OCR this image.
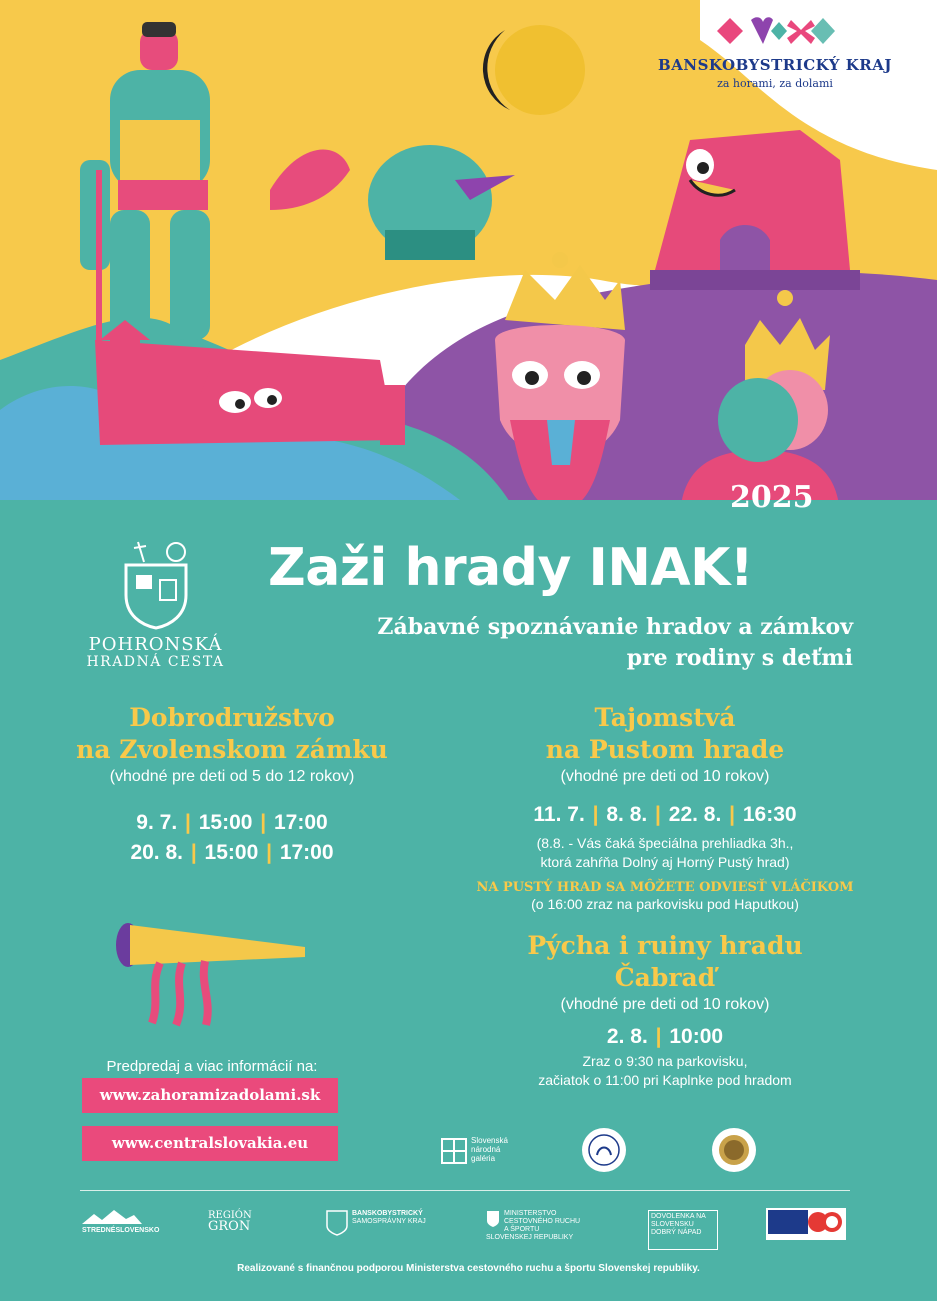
BANSKOBYSTRICKÝ KRAJ
za horami, za dolami
2025
POHRONSKÁ
HRADNÁ CESTA
Zaži hrady INAK!
Zábavné spoznávanie hradov a zámkov
pre rodiny s deťmi
Dobrodružstvo
na Zvolenskom zámku
(vhodné pre deti od 5 do 12 rokov)
9. 7. | 15:00 | 17:00
20. 8. | 15:00 | 17:00
Tajomstvá
na Pustom hrade
(vhodné pre deti od 10 rokov)
11. 7. | 8. 8. | 22. 8. | 16:30
(8.8. - Vás čaká špeciálna prehliadka 3h.,
ktorá zahŕňa Dolný aj Horný Pustý hrad)
NA PUSTÝ HRAD SA MÔŽETE ODVIESŤ VLÁČIKOM
(o 16:00 zraz na parkovisku pod Haputkou)
Pýcha i ruiny hradu
Čabraď
(vhodné pre deti od 10 rokov)
2. 8. | 10:00
Zraz o 9:30 na parkovisku,
začiatok o 11:00 pri Kaplnke pod hradom
Predpredaj a viac informácií na:
www.zahoramizadolami.sk
www.centralslovakia.eu	Slovenská
národná
galéria
STREDNÉSLOVENSKO
REGIÓN
GRON
BANSKOBYSTRICKÝ
SAMOSPRÁVNY KRAJ
MINISTERSTVO
CESTOVNÉHO RUCHU
A ŠPORTU
SLOVENSKEJ REPUBLIKY
DOVOLENKA NA
SLOVENSKU
DOBRÝ NÁPAD
Realizované s finančnou podporou Ministerstva cestovného ruchu a športu Slovenskej republiky.
